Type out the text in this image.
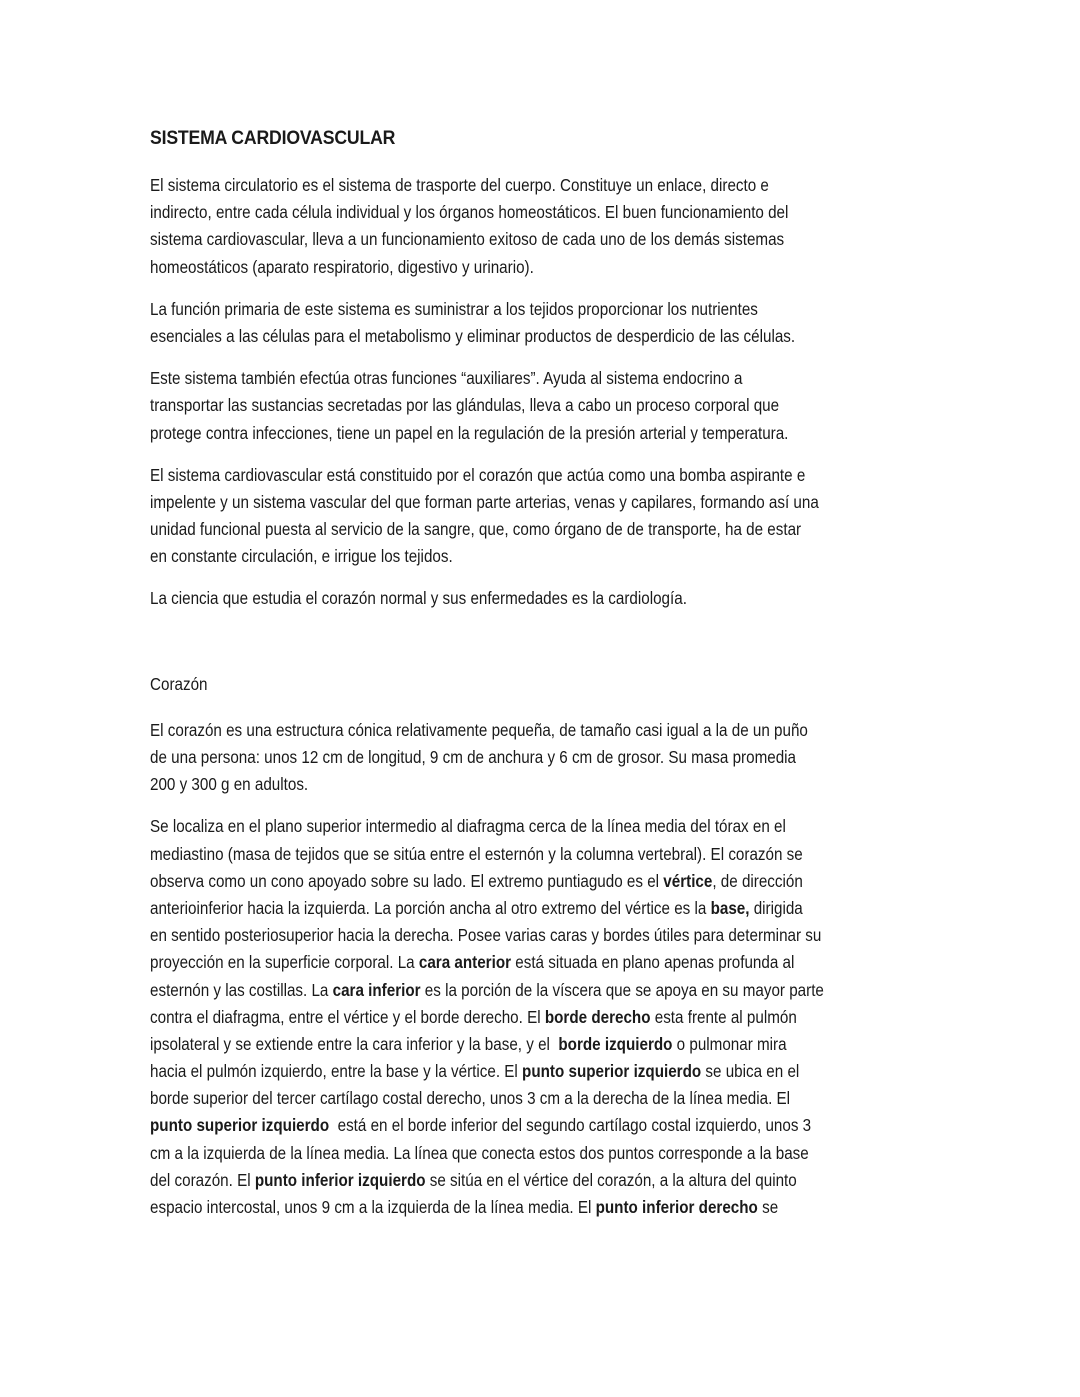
SISTEMA CARDIOVASCULAR
El sistema circulatorio es el sistema de trasporte del cuerpo. Constituye un enlace, directo e
indirecto, entre cada célula individual y los órganos homeostáticos. El buen funcionamiento del
sistema cardiovascular, lleva a un funcionamiento exitoso de cada uno de los demás sistemas
homeostáticos (aparato respiratorio, digestivo y urinario).
La función primaria de este sistema es suministrar a los tejidos proporcionar los nutrientes
esenciales a las células para el metabolismo y eliminar productos de desperdicio de las células.
Este sistema también efectúa otras funciones “auxiliares”. Ayuda al sistema endocrino a
transportar las sustancias secretadas por las glándulas, lleva a cabo un proceso corporal que
protege contra infecciones, tiene un papel en la regulación de la presión arterial y temperatura.
El sistema cardiovascular está constituido por el corazón que actúa como una bomba aspirante e
impelente y un sistema vascular del que forman parte arterias, venas y capilares, formando así una
unidad funcional puesta al servicio de la sangre, que, como órgano de de transporte, ha de estar
en constante circulación, e irrigue los tejidos.
La ciencia que estudia el corazón normal y sus enfermedades es la cardiología.
Corazón
El corazón es una estructura cónica relativamente pequeña, de tamaño casi igual a la de un puño
de una persona: unos 12 cm de longitud, 9 cm de anchura y 6 cm de grosor. Su masa promedia
200 y 300 g en adultos.
Se localiza en el plano superior intermedio al diafragma cerca de la línea media del tórax en el
mediastino (masa de tejidos que se sitúa entre el esternón y la columna vertebral). El corazón se
observa como un cono apoyado sobre su lado. El extremo puntiagudo es el vértice, de dirección
anterioinferior hacia la izquierda. La porción ancha al otro extremo del vértice es la base, dirigida
en sentido posteriosuperior hacia la derecha. Posee varias caras y bordes útiles para determinar su
proyección en la superficie corporal. La cara anterior está situada en plano apenas profunda al
esternón y las costillas. La cara inferior es la porción de la víscera que se apoya en su mayor parte
contra el diafragma, entre el vértice y el borde derecho. El borde derecho esta frente al pulmón
ipsolateral y se extiende entre la cara inferior y la base, y el  borde izquierdo o pulmonar mira
hacia el pulmón izquierdo, entre la base y la vértice. El punto superior izquierdo se ubica en el
borde superior del tercer cartílago costal derecho, unos 3 cm a la derecha de la línea media. El
punto superior izquierdo  está en el borde inferior del segundo cartílago costal izquierdo, unos 3
cm a la izquierda de la línea media. La línea que conecta estos dos puntos corresponde a la base
del corazón. El punto inferior izquierdo se sitúa en el vértice del corazón, a la altura del quinto
espacio intercostal, unos 9 cm a la izquierda de la línea media. El punto inferior derecho se
